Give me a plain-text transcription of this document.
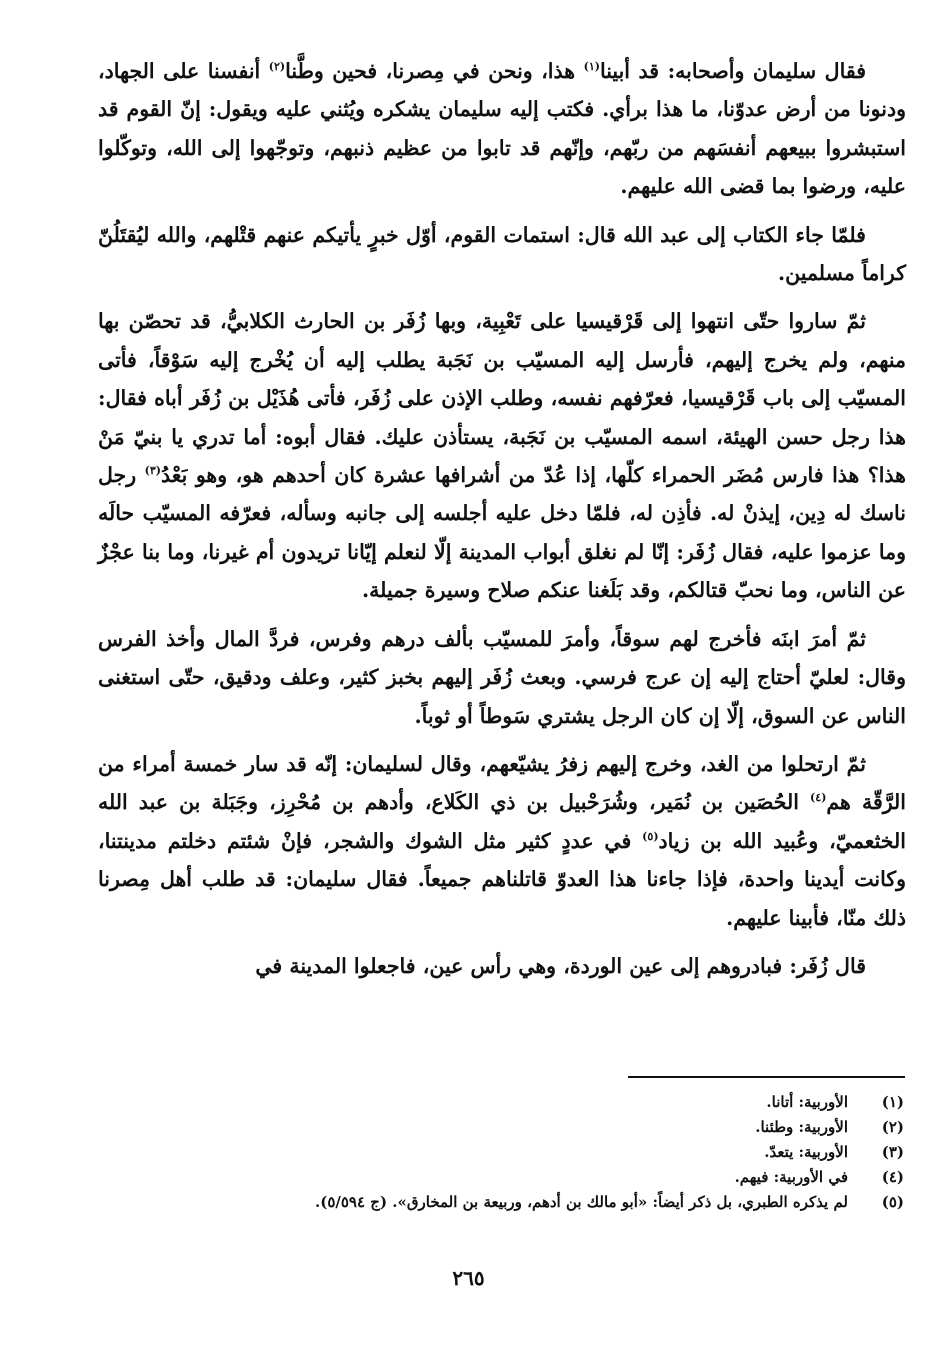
فقال سليمان وأصحابه: قد أبينا$^{(١)}$ هذا، ونحن في مِصرنا، فحين وطَّنا$^{(٢)}$ أنفسنا على الجهاد، ودنونا من أرض عدوّنا، ما هذا برأي. فكتب إليه سليمان يشكره ويُثني عليه ويقول: إنّ القوم قد استبشروا ببيعهم أنفسَهم من ربّهم، وإنّهم قد تابوا من عظيم ذنبهم، وتوجّهوا إلى الله، وتوكّلوا عليه، ورضوا بما قضى الله عليهم.

فلمّا جاء الكتاب إلى عبد الله قال: استمات القوم، أوّل خبرٍ يأتيكم عنهم قتْلهم، والله ليُقتَلُنّ كراماً مسلمين.

ثمّ ساروا حتّى انتهوا إلى قَرْقيسيا على تَعْبِية، وبها زُفَر بن الحارث الكلابيُّ، قد تحصّن بها منهم، ولم يخرج إليهم، فأرسل إليه المسيّب بن نَجَبة يطلب إليه أن يُخْرج إليه سَوْقاً، فأتى المسيّب إلى باب قَرْقيسيا، فعرّفهم نفسه، وطلب الإذن على زُفَر، فأتى هُذَيْل بن زُفَر أباه فقال: هذا رجل حسن الهيئة، اسمه المسيّب بن نَجَبة، يستأذن عليك. فقال أبوه: أما تدري يا بنيّ مَنْ هذا؟ هذا فارس مُضَر الحمراء كلّها، إذا عُدّ من أشرافها عشرة كان أحدهم هو، وهو بَعْدُ$^{(٣)}$ رجل ناسك له دِين، إيذنْ له. فأذِن له، فلمّا دخل عليه أجلسه إلى جانبه وسأله، فعرّفه المسيّب حالَه وما عزموا عليه، فقال زُفَر: إنّا لم نغلق أبواب المدينة إلّا لنعلم إيّانا تريدون أم غيرنا، وما بنا عجْزٌ عن الناس، وما نحبّ قتالكم، وقد بَلَغنا عنكم صلاح وسيرة جميلة.

ثمّ أمرَ ابنَه فأخرج لهم سوقاً، وأمرَ للمسيّب بألف درهم وفرس، فردَّ المال وأخذ الفرس وقال: لعليّ أحتاج إليه إن عرج فرسي. وبعث زُفَر إليهم بخبز كثير، وعلف ودقيق، حتّى استغنى الناس عن السوق، إلّا إن كان الرجل يشتري سَوطاً أو ثوباً.

ثمّ ارتحلوا من الغد، وخرج إليهم زفرُ يشيّعهم، وقال لسليمان: إنّه قد سار خمسة أمراء من الرَّقّة هم$^{(٤)}$ الحُصَين بن نُمَير، وشُرَحْبيل بن ذي الكَلاع، وأدهم بن مُحْرِز، وجَبَلة بن عبد الله الخثعميّ، وعُبيد الله بن زياد$^{(٥)}$ في عددٍ كثير مثل الشوك والشجر، فإنْ شئتم دخلتم مدينتنا، وكانت أيدينا واحدة، فإذا جاءنا هذا العدوّ قاتلناهم جميعاً. فقال سليمان: قد طلب أهل مِصرنا ذلك منّا، فأبينا عليهم.

قال زُفَر: فبادروهم إلى عين الوردة، وهي رأس عين، فاجعلوا المدينة في

(١)
الأوربية: أتانا.
(٢)
الأوربية: وطئنا.
(٣)
الأوربية: يتعدّ.
(٤)
في الأوربية: فيهم.
(٥)
لم يذكره الطبري، بل ذكر أيضاً: «أبو مالك بن أدهم، وربيعة بن المخارق». (ج ٥/٥٩٤).
٢٦٥
